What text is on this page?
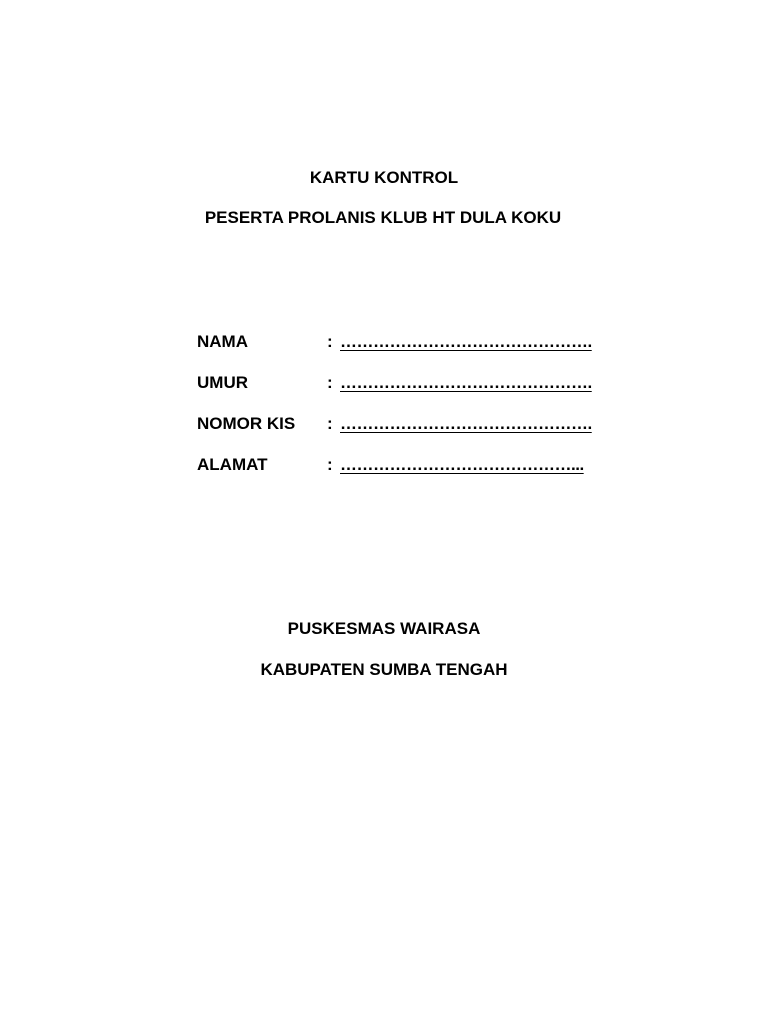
KARTU KONTROL
PESERTA PROLANIS KLUB HT DULA KOKU
NAMA	: ……………………………………….
UMUR	: ……………………………………….
NOMOR KIS : ……………………………………….
ALAMAT	: ……………………………………...
PUSKESMAS WAIRASA
KABUPATEN SUMBA TENGAH
